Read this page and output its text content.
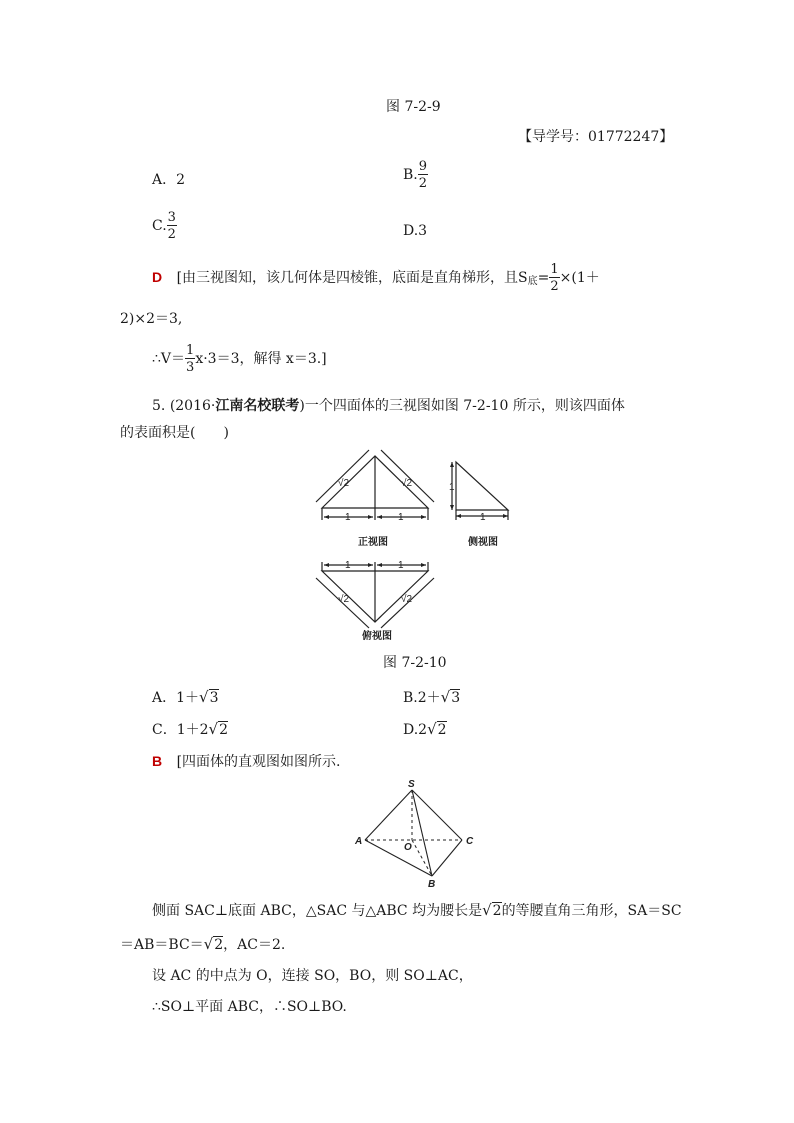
图 7-2-9
【导学号：01772247】
A．2	B. $\frac{9}{2}$
C. $\frac{3}{2}$	D.3
D [由三视图知，该几何体是四棱锥，底面是直角梯形，且$S_底= \frac{1}{2} \times(1+$
2)×2＝3,
∴V＝ $\frac{1}{3} x\cdot 3=3$，解得 x＝3.]
5. (2016·江南名校联考)一个四面体的三视图如图 7-2-10 所示，则该四面体
的表面积是(　　)
1	1
√2	√2
1
1
1	1
√2	√2
正视图	侧视图
俯视图
图 7-2-10
A．1＋√3	B.2＋√3
C．1＋2√2	D.2√2
B [四面体的直观图如图所示.
S
A
O
C
B
侧面 SAC⊥底面 ABC，△SAC 与△ABC 均为腰长是√2的等腰直角三角形，SA＝SC
＝AB＝BC＝√2，AC＝2.
设 AC 的中点为 O，连接 SO，BO，则 SO⊥AC，
∴SO⊥平面 ABC，∴SO⊥BO.
